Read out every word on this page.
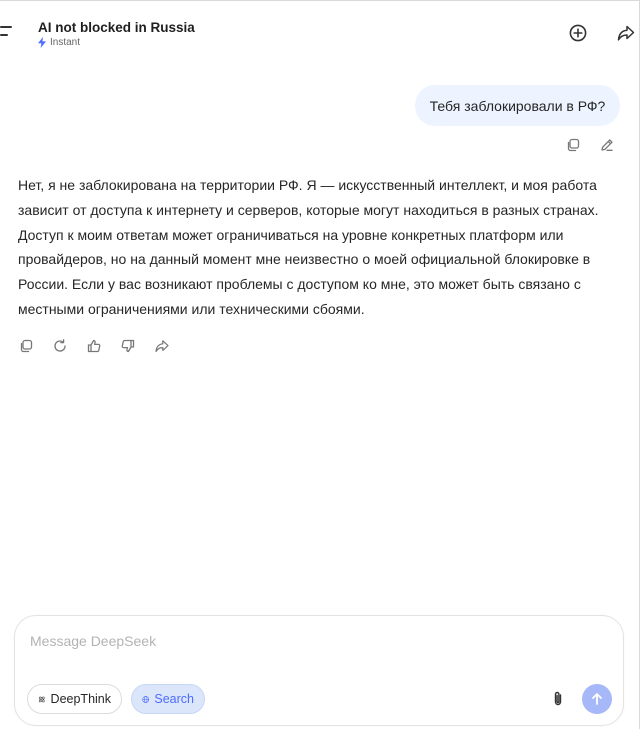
AI not blocked in Russia
Instant
Тебя заблокировали в РФ?

Нет, я не заблокирована на территории РФ. Я — искусственный интеллект, и моя работа

зависит от доступа к интернету и серверов, которые могут находиться в разных странах.

Доступ к моим ответам может ограничиваться на уровне конкретных платформ или

провайдеров, но на данный момент мне неизвестно о моей официальной блокировке в

России. Если у вас возникают проблемы с доступом ко мне, это может быть связано с

местными ограничениями или техническими сбоями.

Message DeepSeek
DeepThink	Search
